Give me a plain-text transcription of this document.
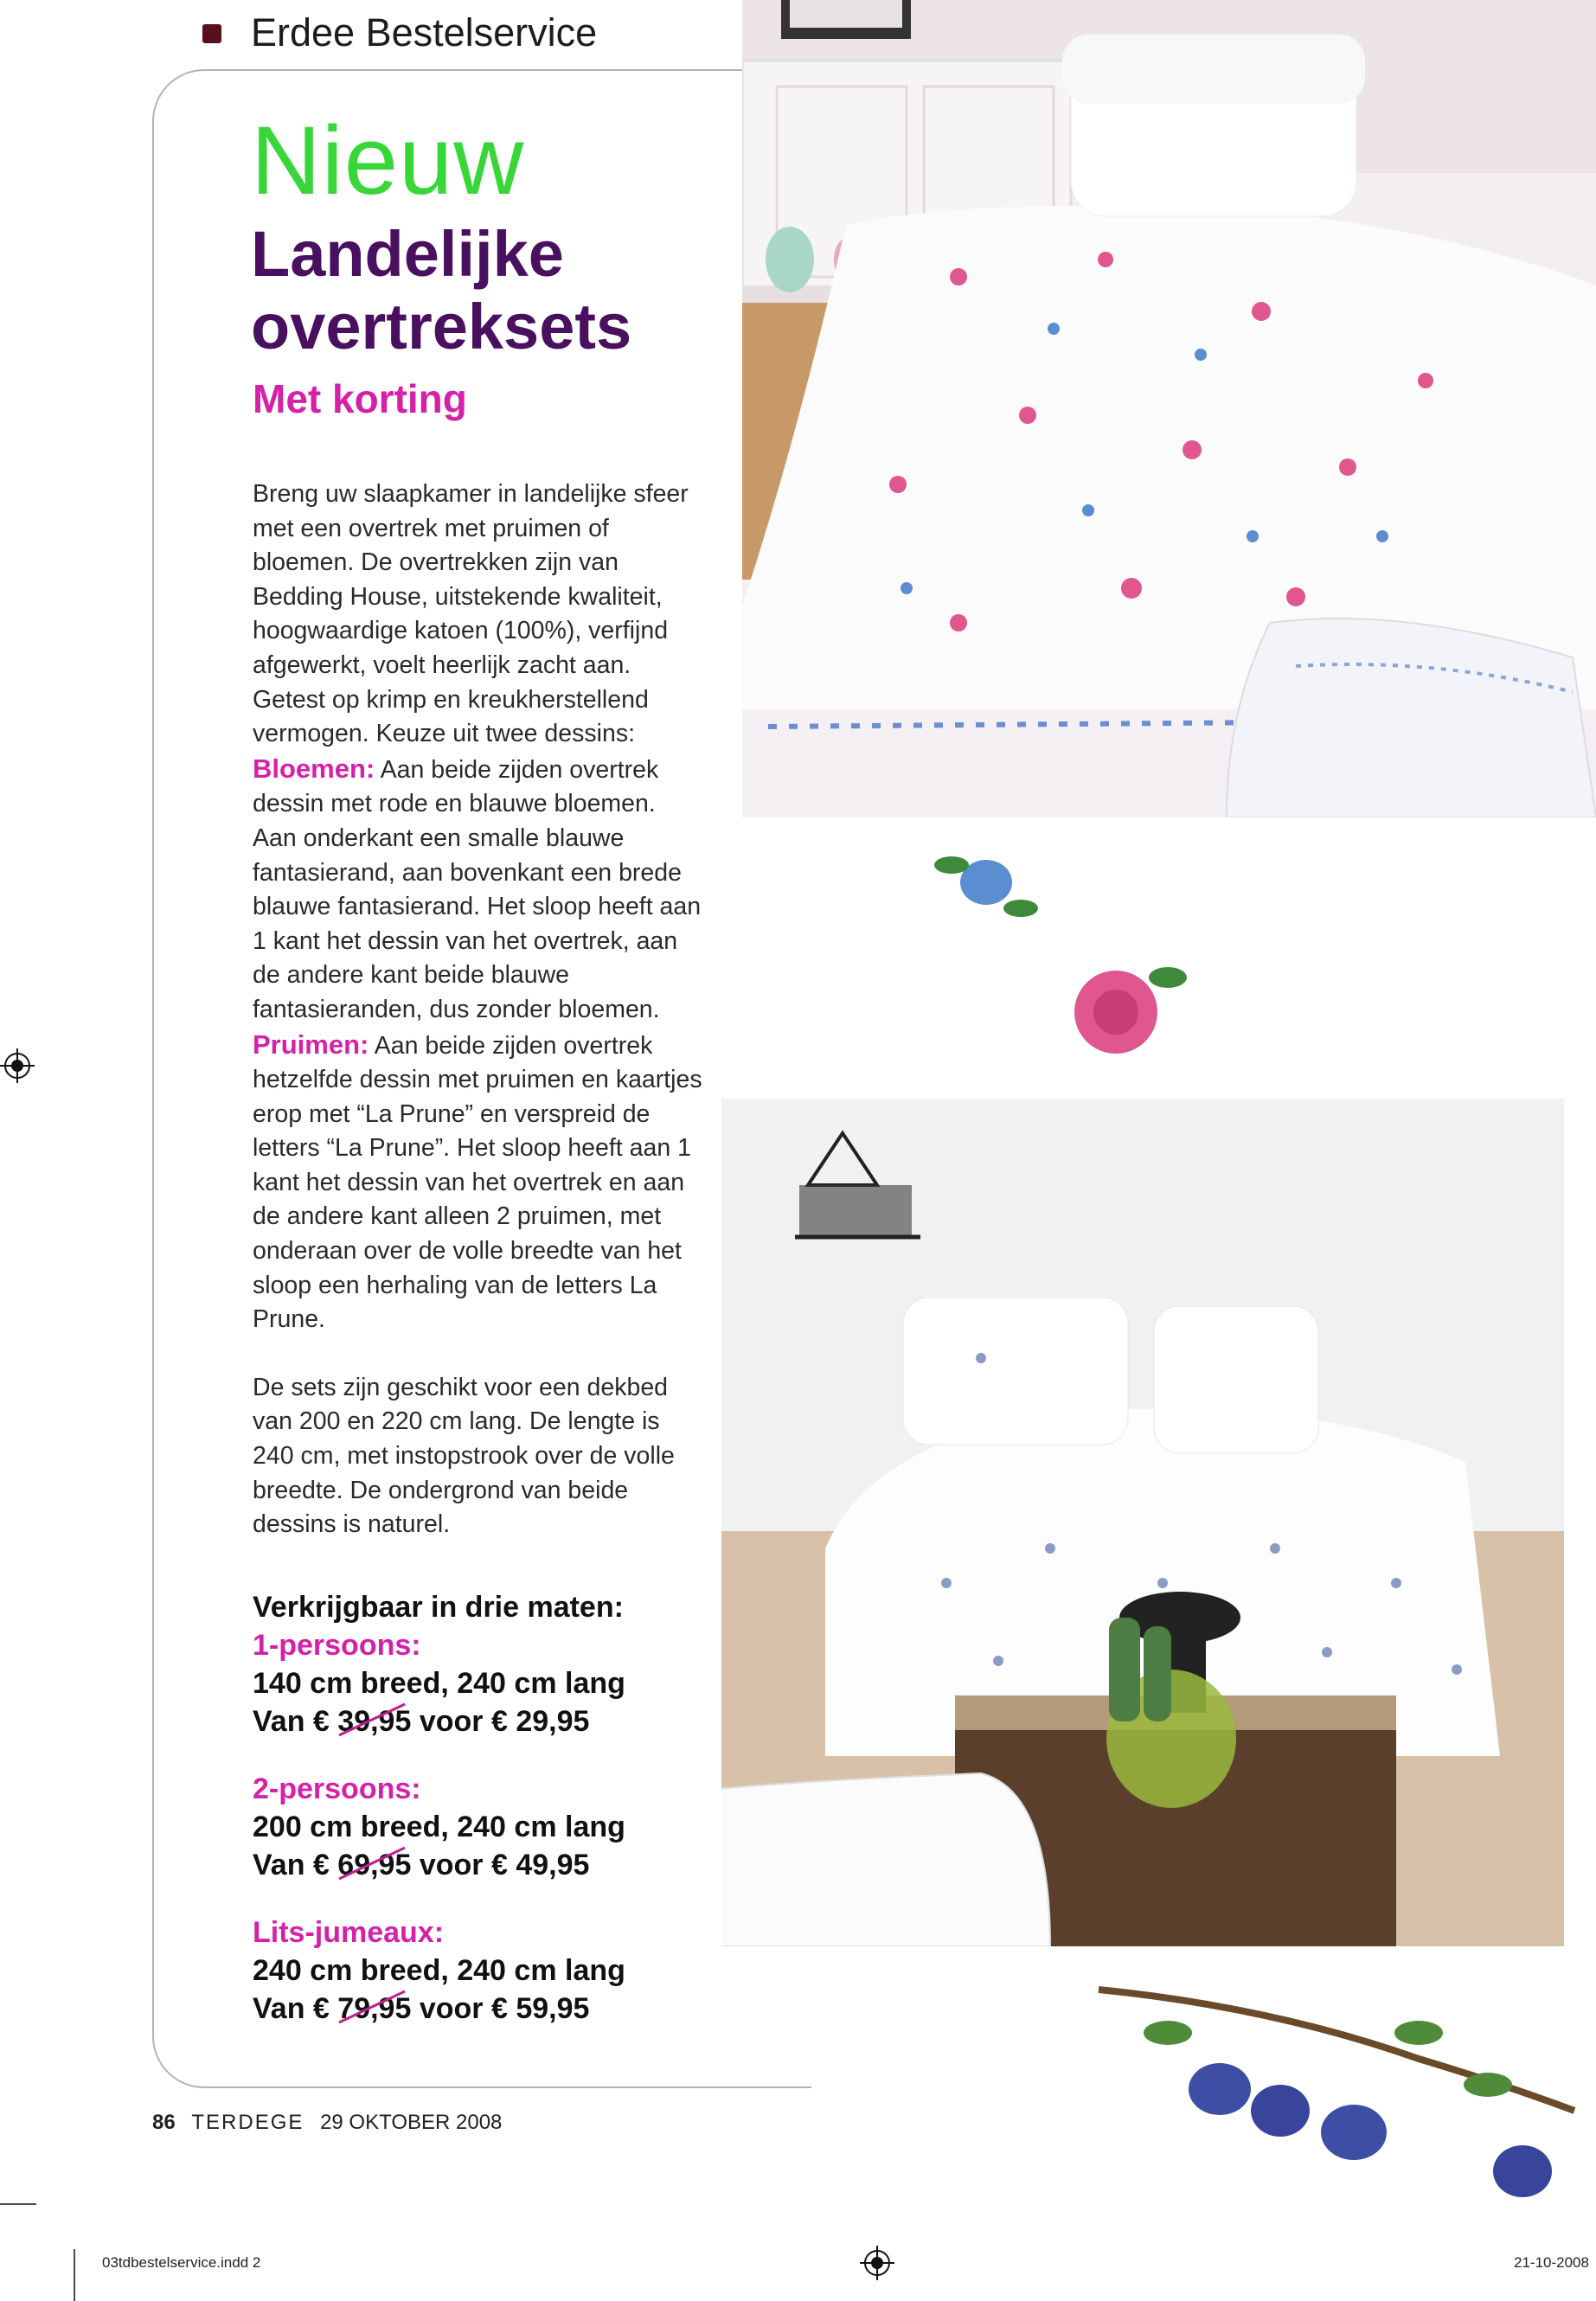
Erdee Bestelservice
Nieuw
Landelijke
overtreksets
Met korting

Breng uw slaapkamer in landelijke sfeer met een overtrek met pruimen of bloemen. De overtrekken zijn van Bedding House, uitstekende kwaliteit, hoogwaardige katoen (100%), verfijnd afgewerkt, voelt heerlijk zacht aan. Getest op krimp en kreukherstellend vermogen. Keuze uit twee dessins: Bloemen: Aan beide zijden overtrek dessin met rode en blauwe bloemen. Aan onderkant een smalle blauwe fantasierand, aan bovenkant een brede blauwe fantasierand. Het sloop heeft aan 1 kant het dessin van het overtrek, aan de andere kant beide blauwe fantasieranden, dus zonder bloemen. Pruimen: Aan beide zijden overtrek hetzelfde dessin met pruimen en kaartjes erop met “La Prune” en verspreid de letters “La Prune”. Het sloop heeft aan 1 kant het dessin van het overtrek en aan de andere kant alleen 2 pruimen, met onderaan over de volle breedte van het sloop een herhaling van de letters La Prune.

De sets zijn geschikt voor een dekbed van 200 en 220 cm lang. De lengte is 240 cm, met instopstrook over de volle breedte. De ondergrond van beide dessins is naturel.

Verkrijgbaar in drie maten:
1-persoons:
140 cm breed, 240 cm lang
Van € 39,95 voor € 29,95
2-persoons:
200 cm breed, 240 cm lang
Van € 69,95 voor € 49,95
Lits-jumeaux:
240 cm breed, 240 cm lang
Van € 79,95 voor € 59,95
86 TERDEGE 29 OKTOBER 2008
03tdbestelservice.indd 2	21-10-2008
